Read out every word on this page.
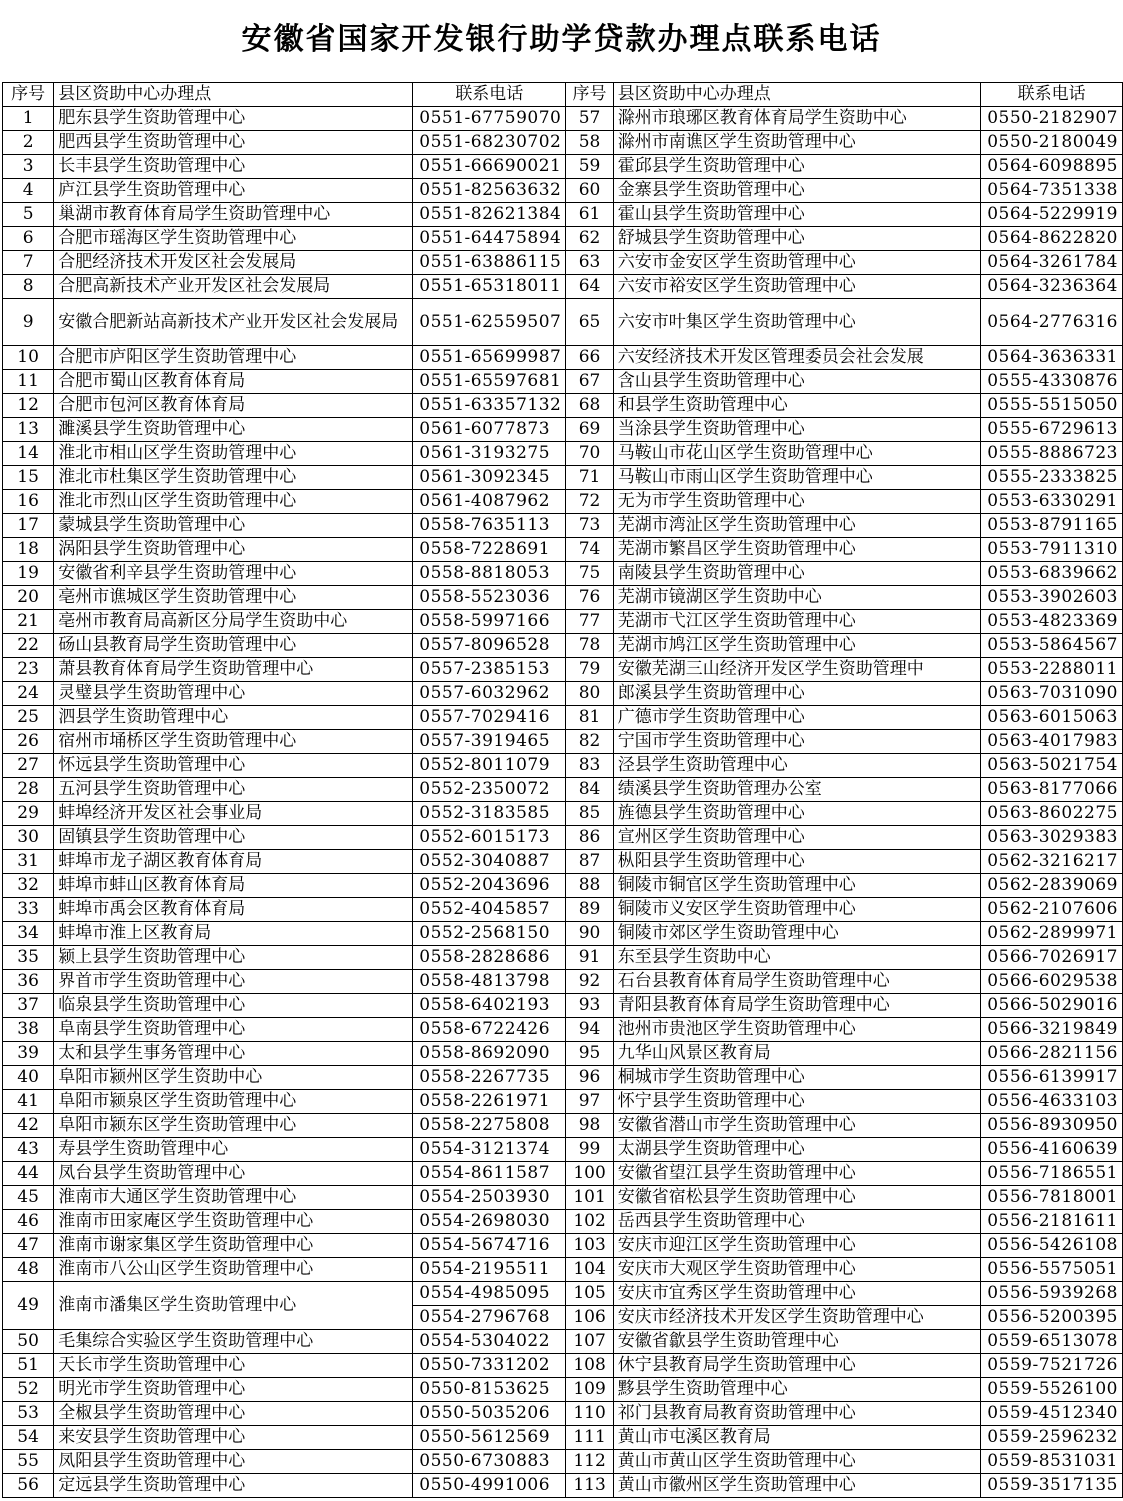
安徽省国家开发银行助学贷款办理点联系电话
序号	县区资助中心办理点	联系电话	序号	县区资助中心办理点	联系电话
1	肥东县学生资助管理中心	0551-67759070	57	滁州市琅琊区教育体育局学生资助中心	0550-2182907
2	肥西县学生资助管理中心	0551-68230702	58	滁州市南谯区学生资助管理中心	0550-2180049
3	长丰县学生资助管理中心	0551-66690021	59	霍邱县学生资助管理中心	0564-6098895
4	庐江县学生资助管理中心	0551-82563632	60	金寨县学生资助管理中心	0564-7351338
5	巢湖市教育体育局学生资助管理中心	0551-82621384	61	霍山县学生资助管理中心	0564-5229919
6	合肥市瑶海区学生资助管理中心	0551-64475894	62	舒城县学生资助管理中心	0564-8622820
7	合肥经济技术开发区社会发展局	0551-63886115	63	六安市金安区学生资助管理中心	0564-3261784
8	合肥高新技术产业开发区社会发展局	0551-65318011	64	六安市裕安区学生资助管理中心	0564-3236364
9	安徽合肥新站高新技术产业开发区社会发展局	0551-62559507	65	六安市叶集区学生资助管理中心	0564-2776316
10	合肥市庐阳区学生资助管理中心	0551-65699987	66	六安经济技术开发区管理委员会社会发展	0564-3636331
11	合肥市蜀山区教育体育局	0551-65597681	67	含山县学生资助管理中心	0555-4330876
12	合肥市包河区教育体育局	0551-63357132	68	和县学生资助管理中心	0555-5515050
13	濉溪县学生资助管理中心	0561-6077873	69	当涂县学生资助管理中心	0555-6729613
14	淮北市相山区学生资助管理中心	0561-3193275	70	马鞍山市花山区学生资助管理中心	0555-8886723
15	淮北市杜集区学生资助管理中心	0561-3092345	71	马鞍山市雨山区学生资助管理中心	0555-2333825
16	淮北市烈山区学生资助管理中心	0561-4087962	72	无为市学生资助管理中心	0553-6330291
17	蒙城县学生资助管理中心	0558-7635113	73	芜湖市湾沚区学生资助管理中心	0553-8791165
18	涡阳县学生资助管理中心	0558-7228691	74	芜湖市繁昌区学生资助管理中心	0553-7911310
19	安徽省利辛县学生资助管理中心	0558-8818053	75	南陵县学生资助管理中心	0553-6839662
20	亳州市谯城区学生资助管理中心	0558-5523036	76	芜湖市镜湖区学生资助中心	0553-3902603
21	亳州市教育局高新区分局学生资助中心	0558-5997166	77	芜湖市弋江区学生资助管理中心	0553-4823369
22	砀山县教育局学生资助管理中心	0557-8096528	78	芜湖市鸠江区学生资助管理中心	0553-5864567
23	萧县教育体育局学生资助管理中心	0557-2385153	79	安徽芜湖三山经济开发区学生资助管理中	0553-2288011
24	灵璧县学生资助管理中心	0557-6032962	80	郎溪县学生资助管理中心	0563-7031090
25	泗县学生资助管理中心	0557-7029416	81	广德市学生资助管理中心	0563-6015063
26	宿州市埇桥区学生资助管理中心	0557-3919465	82	宁国市学生资助管理中心	0563-4017983
27	怀远县学生资助管理中心	0552-8011079	83	泾县学生资助管理中心	0563-5021754
28	五河县学生资助管理中心	0552-2350072	84	绩溪县学生资助管理办公室	0563-8177066
29	蚌埠经济开发区社会事业局	0552-3183585	85	旌德县学生资助管理中心	0563-8602275
30	固镇县学生资助管理中心	0552-6015173	86	宣州区学生资助管理中心	0563-3029383
31	蚌埠市龙子湖区教育体育局	0552-3040887	87	枞阳县学生资助管理中心	0562-3216217
32	蚌埠市蚌山区教育体育局	0552-2043696	88	铜陵市铜官区学生资助管理中心	0562-2839069
33	蚌埠市禹会区教育体育局	0552-4045857	89	铜陵市义安区学生资助管理中心	0562-2107606
34	蚌埠市淮上区教育局	0552-2568150	90	铜陵市郊区学生资助管理中心	0562-2899971
35	颍上县学生资助管理中心	0558-2828686	91	东至县学生资助中心	0566-7026917
36	界首市学生资助管理中心	0558-4813798	92	石台县教育体育局学生资助管理中心	0566-6029538
37	临泉县学生资助管理中心	0558-6402193	93	青阳县教育体育局学生资助管理中心	0566-5029016
38	阜南县学生资助管理中心	0558-6722426	94	池州市贵池区学生资助管理中心	0566-3219849
39	太和县学生事务管理中心	0558-8692090	95	九华山风景区教育局	0566-2821156
40	阜阳市颍州区学生资助中心	0558-2267735	96	桐城市学生资助管理中心	0556-6139917
41	阜阳市颍泉区学生资助管理中心	0558-2261971	97	怀宁县学生资助管理中心	0556-4633103
42	阜阳市颍东区学生资助管理中心	0558-2275808	98	安徽省潜山市学生资助管理中心	0556-8930950
43	寿县学生资助管理中心	0554-3121374	99	太湖县学生资助管理中心	0556-4160639
44	凤台县学生资助管理中心	0554-8611587	100	安徽省望江县学生资助管理中心	0556-7186551
45	淮南市大通区学生资助管理中心	0554-2503930	101	安徽省宿松县学生资助管理中心	0556-7818001
46	淮南市田家庵区学生资助管理中心	0554-2698030	102	岳西县学生资助管理中心	0556-2181611
47	淮南市谢家集区学生资助管理中心	0554-5674716	103	安庆市迎江区学生资助管理中心	0556-5426108
48	淮南市八公山区学生资助管理中心	0554-2195511	104	安庆市大观区学生资助管理中心	0556-5575051
49	淮南市潘集区学生资助管理中心	0554-4985095	105	安庆市宜秀区学生资助管理中心	0556-5939268
		0554-2796768	106	安庆市经济技术开发区学生资助管理中心	0556-5200395
50	毛集综合实验区学生资助管理中心	0554-5304022	107	安徽省歙县学生资助管理中心	0559-6513078
51	天长市学生资助管理中心	0550-7331202	108	休宁县教育局学生资助管理中心	0559-7521726
52	明光市学生资助管理中心	0550-8153625	109	黟县学生资助管理中心	0559-5526100
53	全椒县学生资助管理中心	0550-5035206	110	祁门县教育局教育资助管理中心	0559-4512340
54	来安县学生资助管理中心	0550-5612569	111	黄山市屯溪区教育局	0559-2596232
55	凤阳县学生资助管理中心	0550-6730883	112	黄山市黄山区学生资助管理中心	0559-8531031
56	定远县学生资助管理中心	0550-4991006	113	黄山市徽州区学生资助管理中心	0559-3517135
